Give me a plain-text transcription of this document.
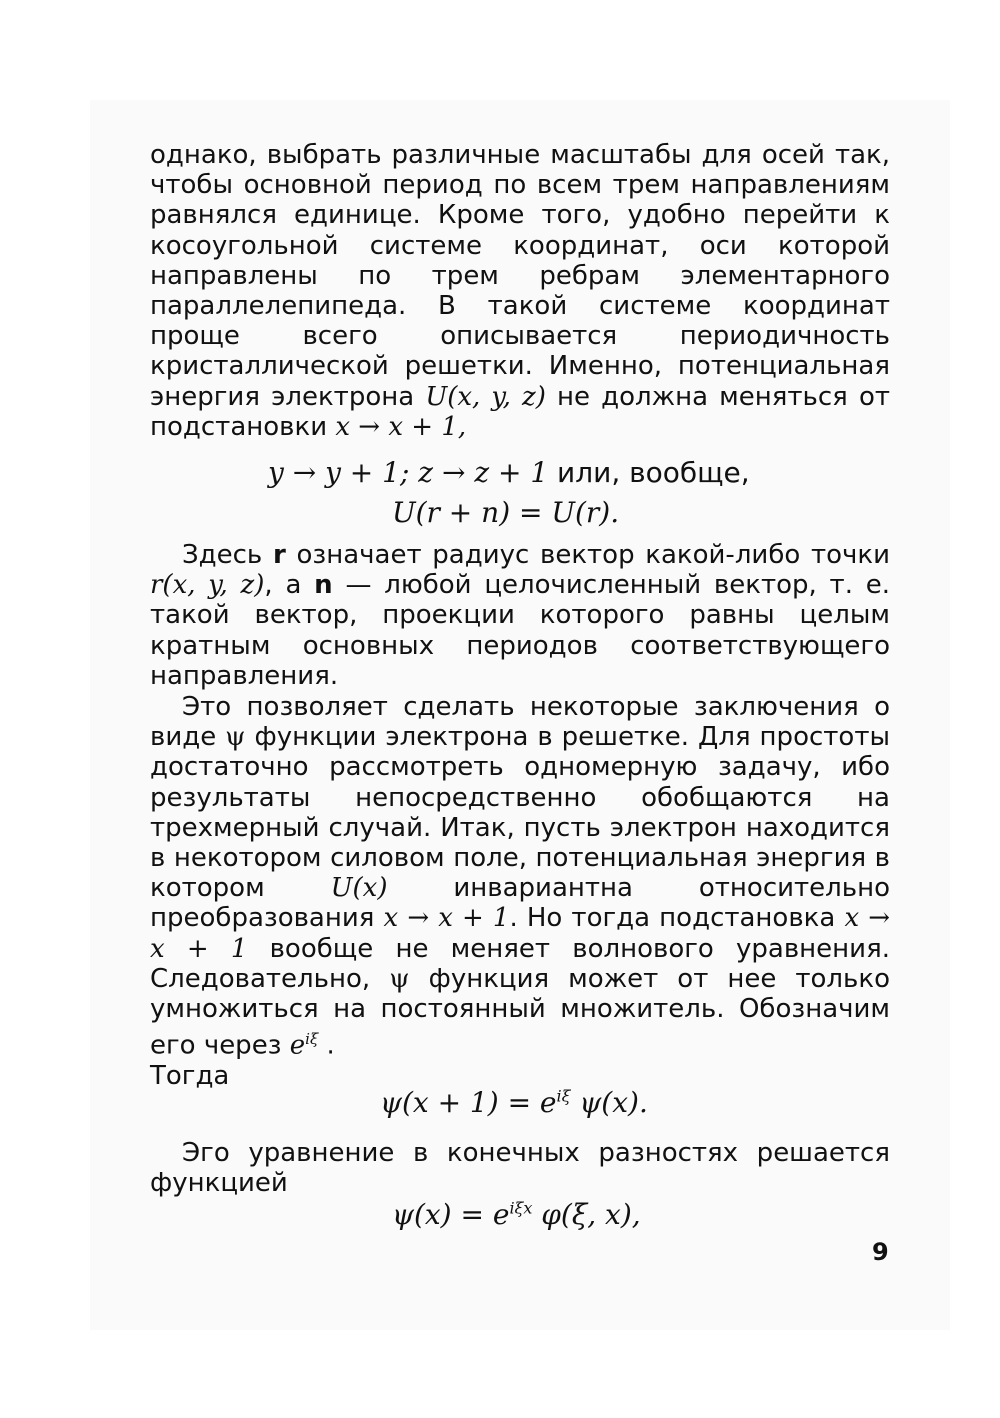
однако, выбрать различные масштабы для осей так, чтобы основной период по всем трем направлениям равнялся единице. Кроме того, удобно перейти к косоугольной системе координат, оси которой направлены по трем ребрам элементарного параллелепипеда. В такой системе координат проще всего описывается периодичность кристаллической решетки. Именно, потенциальная энергия электрона U(x, y, z) не должна меняться от подстановки x → x + 1,

y → y + 1; z → z + 1 или, вообще,
U(r + n) = U(r).

Здесь r означает радиус вектор какой-либо точки r(x, y, z), а n — любой целочисленный вектор, т. е. такой вектор, проекции которого равны целым кратным основных периодов соответствующего направления.

Это позволяет сделать некоторые заключения о виде ψ функции электрона в решетке. Для простоты достаточно рассмотреть одномерную задачу, ибо результаты непосредственно обобщаются на трехмерный случай. Итак, пусть электрон находится в некотором силовом поле, потенциальная энергия в котором U(x) инвариантна относительно преобразования x → x + 1. Но тогда подстановка x → x + 1 вообще не меняет волнового уравнения. Следовательно, ψ функция может от нее только умножиться на постоянный множитель. Обозначим его через $e^{i\xi}$ .

Тогда

$\psi(x + 1) = e^{i\xi}$ ψ(x).

Эго уравнение в конечных разностях решается функцией

$\psi(x) = e^{i\xi x}$ φ(ξ, x),
9
